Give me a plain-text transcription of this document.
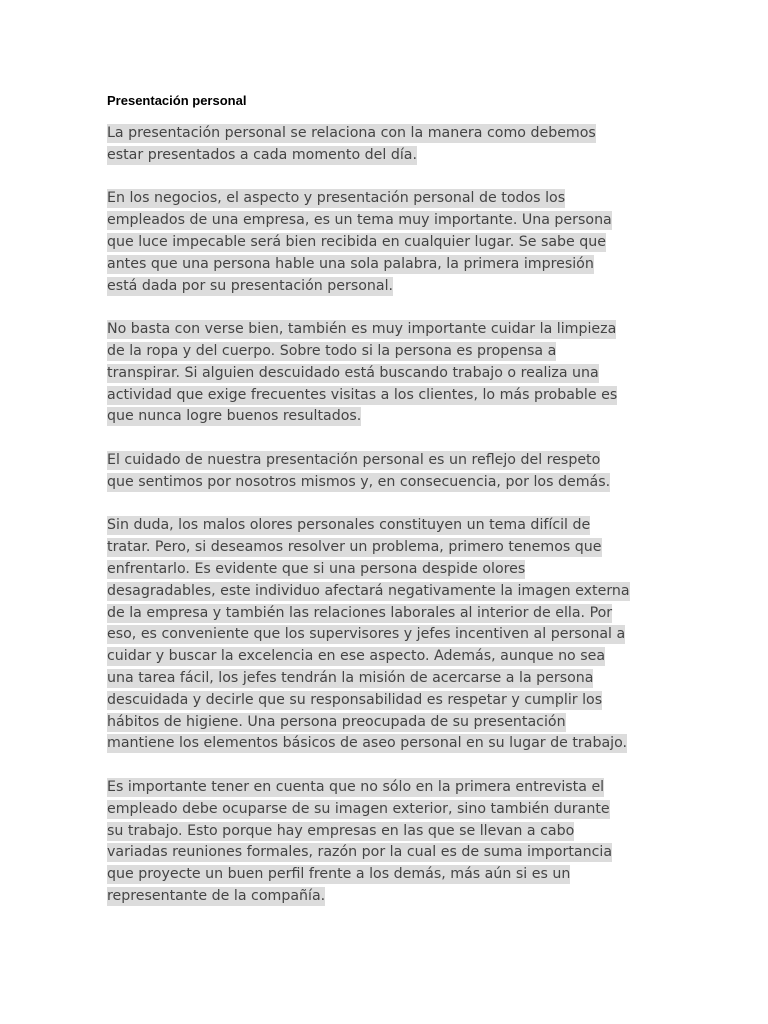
Presentación personal
La presentación personal se relaciona con la manera como debemos
estar presentados a cada momento del día.
En los negocios, el aspecto y presentación personal de todos los
empleados de una empresa, es un tema muy importante. Una persona
que luce impecable será bien recibida en cualquier lugar. Se sabe que
antes que una persona hable una sola palabra, la primera impresión
está dada por su presentación personal.
No basta con verse bien, también es muy importante cuidar la limpieza
de la ropa y del cuerpo. Sobre todo si la persona es propensa a
transpirar. Si alguien descuidado está buscando trabajo o realiza una
actividad que exige frecuentes visitas a los clientes, lo más probable es
que nunca logre buenos resultados.
El cuidado de nuestra presentación personal es un reflejo del respeto
que sentimos por nosotros mismos y, en consecuencia, por los demás.
Sin duda, los malos olores personales constituyen un tema difícil de
tratar. Pero, si deseamos resolver un problema, primero tenemos que
enfrentarlo. Es evidente que si una persona despide olores
desagradables, este individuo afectará negativamente la imagen externa
de la empresa y también las relaciones laborales al interior de ella. Por
eso, es conveniente que los supervisores y jefes incentiven al personal a
cuidar y buscar la excelencia en ese aspecto. Además, aunque no sea
una tarea fácil, los jefes tendrán la misión de acercarse a la persona
descuidada y decirle que su responsabilidad es respetar y cumplir los
hábitos de higiene. Una persona preocupada de su presentación
mantiene los elementos básicos de aseo personal en su lugar de trabajo.
Es importante tener en cuenta que no sólo en la primera entrevista el
empleado debe ocuparse de su imagen exterior, sino también durante
su trabajo. Esto porque hay empresas en las que se llevan a cabo
variadas reuniones formales, razón por la cual es de suma importancia
que proyecte un buen perfil frente a los demás, más aún si es un
representante de la compañía.
